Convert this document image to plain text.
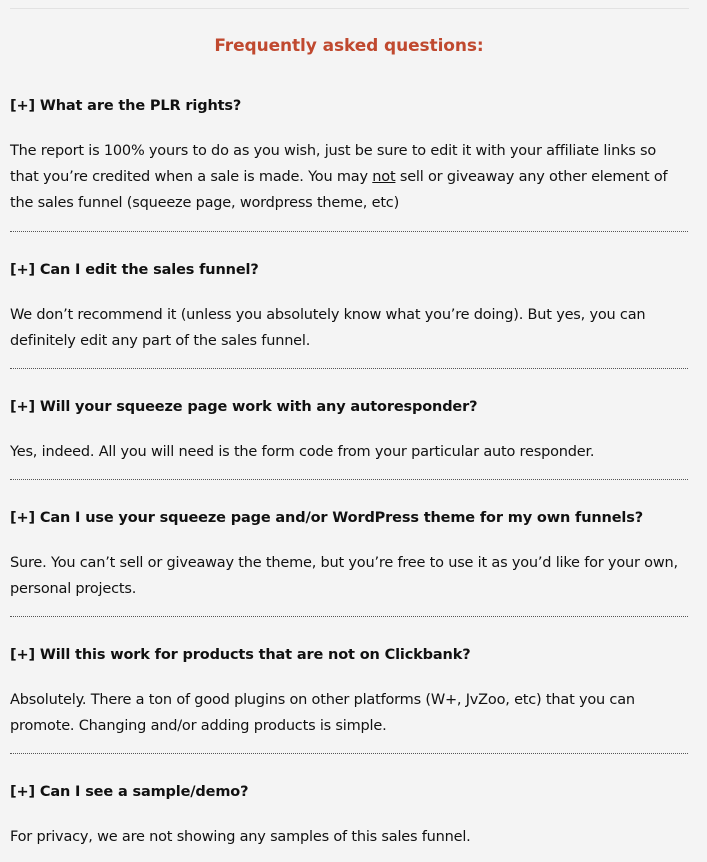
Frequently asked questions:
[+] What are the PLR rights?
The report is 100% yours to do as you wish, just be sure to edit it with your affiliate links so that you’re credited when a sale is made. You may not sell or giveaway any other element of the sales funnel (squeeze page, wordpress theme, etc)
[+] Can I edit the sales funnel?
We don’t recommend it (unless you absolutely know what you’re doing). But yes, you can definitely edit any part of the sales funnel.
[+] Will your squeeze page work with any autoresponder?
Yes, indeed. All you will need is the form code from your particular auto responder.
[+] Can I use your squeeze page and/or WordPress theme for my own funnels?
Sure. You can’t sell or giveaway the theme, but you’re free to use it as you’d like for your own, personal projects.
[+] Will this work for products that are not on Clickbank?
Absolutely. There a ton of good plugins on other platforms (W+, JvZoo, etc) that you can promote. Changing and/or adding products is simple.
[+] Can I see a sample/demo?
For privacy, we are not showing any samples of this sales funnel.
